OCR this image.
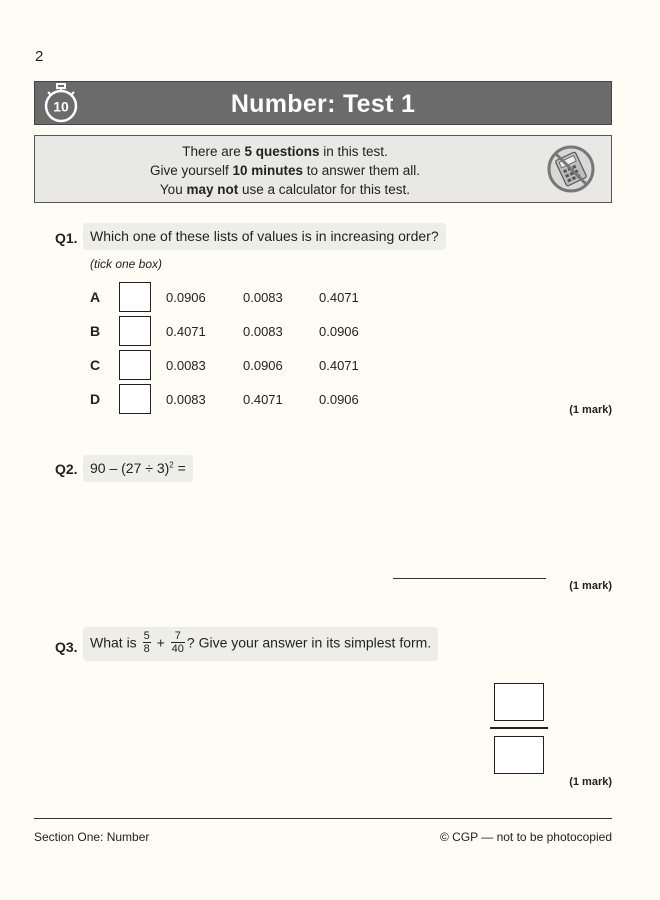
2
10	Number: Test 1
There are 5 questions in this test.
Give yourself 10 minutes to answer them all.
You may not use a calculator for this test.
Q1. Which one of these lists of values is in increasing order?
(tick one box)
A	0.0906	0.0083	0.4071
B	0.4071	0.0083	0.0906
C	0.0083	0.0906	0.4071
D	0.0083	0.4071	0.0906
(1 mark)
Q2. $90 - (27 \div 3)^2$ =
(1 mark)
Q3. What is $\frac{5}{8} + \frac{7}{40}$ ? Give your answer in its simplest form.
(1 mark)
Section One: Number	© CGP — not to be photocopied
